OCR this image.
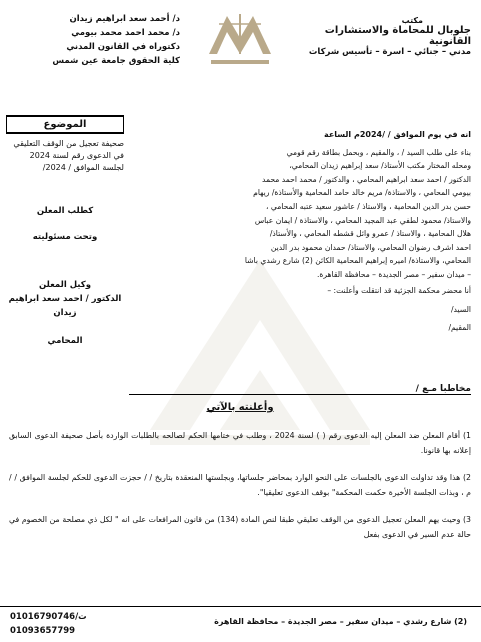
د/ أحمد سعد ابراهيم زيدان
د/ محمد احمد محمد بيومي
دكتوراه في القانون المدني
كلية الحقوق جامعة عين شمس
مكتب
جلوبال للمحاماة والاستشارات القانونية
مدني – جنائي – اسرة – تأسيس شركات
الموضوع
صحيفة تعجيل من الوقف التعليقي في الدعوى رقم لسنة 2024 لجلسة الموافق / 2024/
كطلب المعلن
وتحت مسئوليته
وكيل المعلن
الدكتور / احمد سعد ابراهيم زيدان
المحامي
انه في يوم الموافق / /2024م الساعة
بناء على طلب السيد / ، والمقيم ، وبحمل بطاقة رقم قومي
ومحله المختار مكتب الأستاذ/ سعد إبراهيم زيدان المحامي،
الدكتور / احمد سعد ابراهيم المحامي ، والدكتور / محمد احمد محمد
بيومي المحامي ، والاستاذة/ مريم خالد حامد المحامية والأستاذة/ ريهام
حسن بدر الدين المحامية ، والاستاذ / عاشور سعيد عتبه المحامي ،
والاستاذ/ محمود لطفي عبد المجيد المحامي ، والاستاذة / ايمان عباس
هلال المحامية ، والاستاذ / عمرو وائل قشطه المحامي ، والأستاذ/
احمد اشرف رضوان المحامي، والاستاذ/ حمدان محمود بدر الدين
المحامي، والاستاذة/ اميره إبراهيم المحامية الكائن (2) شارع رشدي باشا
– ميدان سفير – مصر الجديدة – محافظة القاهرة.
أنا محضر محكمة الجزئية قد انتقلت وأعلنت: –
السيد/
المقيم/
مخاطبا مـع /
وأعلنته بالآتي
1) أقام المعلن ضد المعلن إليه الدعوى رقم ( ) لسنة 2024 ، وطلب في ختامها الحكم لصالحه بالطلبات الواردة بأصل صحيفة الدعوى السابق إعلانه بها قانونا.
2) هذا وقد تداولت الدعوى بالجلسات على النحو الوارد بمحاضر جلساتها، وبجلستها المنعقدة بتاريخ / / حجزت الدعوى للحكم لجلسة الموافق / / م ، وبذات الجلسة الأخيرة حكمت المحكمة" بوقف الدعوى تعليقيا".
3) وحيث يهم المعلن تعجيل الدعوى من الوقف تعليقي طبقا لنص المادة (134) من قانون المرافعات على انه " لكل ذي مصلحة من الخصوم في حالة عدم السير في الدعوى بفعل
(2) شارع رشدي – ميدان سفير – مصر الجديدة – محافظة القاهرة
ت/01016790746
01093657799
